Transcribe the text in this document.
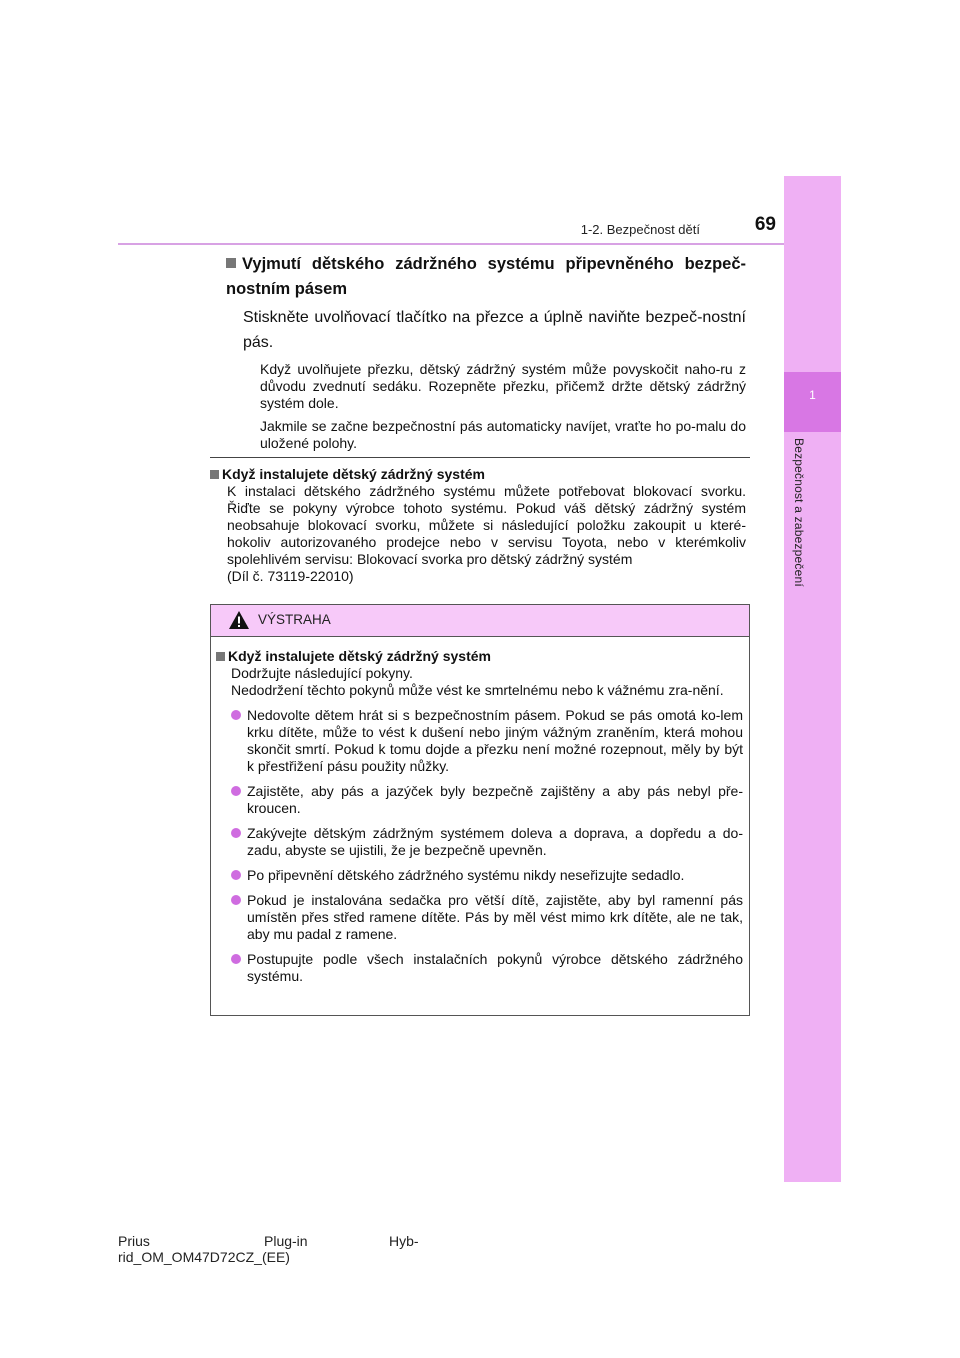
1
Bezpečnost a zabezpečení
1-2. Bezpečnost dětí	69
Vyjmutí dětského zádržného systému připevněného bezpeč-nostním pásem
Stiskněte uvolňovací tlačítko na přezce a úplně naviňte bezpeč-nostní pás.
Když uvolňujete přezku, dětský zádržný systém může povyskočit naho-ru z důvodu zvednutí sedáku. Rozepněte přezku, přičemž držte dětský zádržný systém dole.
Jakmile se začne bezpečnostní pás automaticky navíjet, vraťte ho po-malu do uložené polohy.
Když instalujete dětský zádržný systém
K instalaci dětského zádržného systému můžete potřebovat blokovací svorku. Řiďte se pokyny výrobce tohoto systému. Pokud váš dětský zádržný systém neobsahuje blokovací svorku, můžete si následující položku zakoupit u které-hokoliv autorizovaného prodejce nebo v servisu Toyota, nebo v kterémkoliv spolehlivém servisu: Blokovací svorka pro dětský zádržný systém
(Díl č. 73119-22010)
VÝSTRAHA
Když instalujete dětský zádržný systém
Dodržujte následující pokyny.
Nedodržení těchto pokynů může vést ke smrtelnému nebo k vážnému zra-nění.
Nedovolte dětem hrát si s bezpečnostním pásem. Pokud se pás omotá ko-lem krku dítěte, může to vést k dušení nebo jiným vážným zraněním, která mohou skončit smrtí. Pokud k tomu dojde a přezku není možné rozepnout, měly by být k přestřižení pásu použity nůžky.
Zajistěte, aby pás a jazýček byly bezpečně zajištěny a aby pás nebyl pře-kroucen.
Zakývejte dětským zádržným systémem doleva a doprava, a dopředu a do-zadu, abyste se ujistili, že je bezpečně upevněn.
Po připevnění dětského zádržného systému nikdy neseřizujte sedadlo.
Pokud je instalována sedačka pro větší dítě, zajistěte, aby byl ramenní pás umístěn přes střed ramene dítěte. Pás by měl vést mimo krk dítěte, ale ne tak, aby mu padal z ramene.
Postupujte podle všech instalačních pokynů výrobce dětského zádržného systému.
Prius	Plug-in	Hyb-
rid_OM_OM47D72CZ_(EE)
